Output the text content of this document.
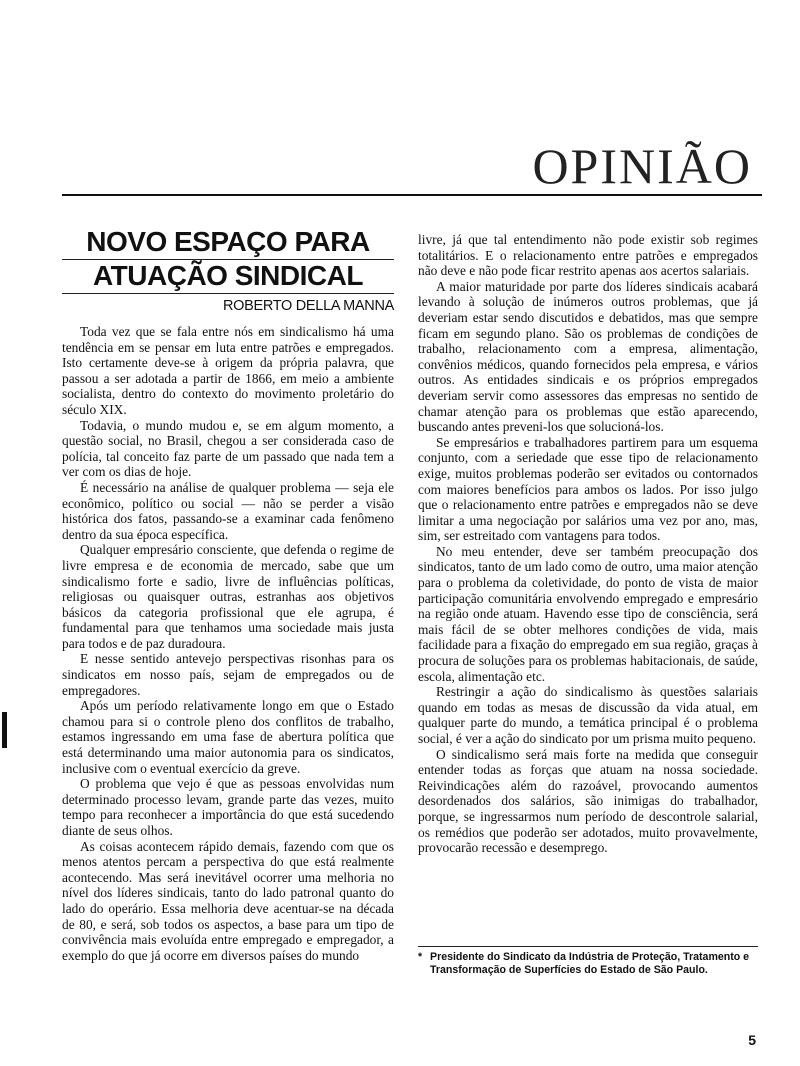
OPINIÃO
NOVO ESPAÇO PARA
ATUAÇÃO SINDICAL
ROBERTO DELLA MANNA

Toda vez que se fala entre nós em sindicalismo há uma tendência em se pensar em luta entre patrões e empregados. Isto certamente deve-se à origem da própria palavra, que passou a ser adotada a partir de 1866, em meio a ambiente socialista, dentro do contexto do movimento proletário do século XIX.

Todavia, o mundo mudou e, se em algum momento, a questão social, no Brasil, chegou a ser considerada caso de polícia, tal conceito faz parte de um passado que nada tem a ver com os dias de hoje.

É necessário na análise de qualquer problema — seja ele econômico, político ou social — não se perder a visão histórica dos fatos, passando-se a examinar cada fenômeno dentro da sua época específica.

Qualquer empresário consciente, que defenda o regime de livre empresa e de economia de mercado, sabe que um sindicalismo forte e sadio, livre de influências políticas, religiosas ou quaisquer outras, estranhas aos objetivos básicos da categoria profissional que ele agrupa, é fundamental para que tenhamos uma sociedade mais justa para todos e de paz duradoura.

E nesse sentido antevejo perspectivas risonhas para os sindicatos em nosso país, sejam de empregados ou de empregadores.

Após um período relativamente longo em que o Estado chamou para si o controle pleno dos conflitos de trabalho, estamos ingressando em uma fase de abertura política que está determinando uma maior autonomia para os sindicatos, inclusive com o eventual exercício da greve.

O problema que vejo é que as pessoas envolvidas num determinado processo levam, grande parte das vezes, muito tempo para reconhecer a importância do que está sucedendo diante de seus olhos.

As coisas acontecem rápido demais, fazendo com que os menos atentos percam a perspectiva do que está realmente acontecendo. Mas será inevitável ocorrer uma melhoria no nível dos líderes sindicais, tanto do lado patronal quanto do lado do operário. Essa melhoria deve acentuar-se na década de 80, e será, sob todos os aspectos, a base para um tipo de convivência mais evoluída entre empregado e empregador, a exemplo do que já ocorre em diversos países do mundo

livre, já que tal entendimento não pode existir sob regimes totalitários. E o relacionamento entre patrões e empregados não deve e não pode ficar restrito apenas aos acertos salariais.

A maior maturidade por parte dos líderes sindicais acabará levando à solução de inúmeros outros problemas, que já deveriam estar sendo discutidos e debatidos, mas que sempre ficam em segundo plano. São os problemas de condições de trabalho, relacionamento com a empresa, alimentação, convênios médicos, quando fornecidos pela empresa, e vários outros. As entidades sindicais e os próprios empregados deveriam servir como assessores das empresas no sentido de chamar atenção para os problemas que estão aparecendo, buscando antes preveni-los que solucioná-los.

Se empresários e trabalhadores partirem para um esquema conjunto, com a seriedade que esse tipo de relacionamento exige, muitos problemas poderão ser evitados ou contornados com maiores benefícios para ambos os lados. Por isso julgo que o relacionamento entre patrões e empregados não se deve limitar a uma negociação por salários uma vez por ano, mas, sim, ser estreitado com vantagens para todos.

No meu entender, deve ser também preocupação dos sindicatos, tanto de um lado como de outro, uma maior atenção para o problema da coletividade, do ponto de vista de maior participação comunitária envolvendo empregado e empresário na região onde atuam. Havendo esse tipo de consciência, será mais fácil de se obter melhores condições de vida, mais facilidade para a fixação do empregado em sua região, graças à procura de soluções para os problemas habitacionais, de saúde, escola, alimentação etc.

Restringir a ação do sindicalismo às questões salariais quando em todas as mesas de discussão da vida atual, em qualquer parte do mundo, a temática principal é o problema social, é ver a ação do sindicato por um prisma muito pequeno.

O sindicalismo será mais forte na medida que conseguir entender todas as forças que atuam na nossa sociedade. Reivindicações além do razoável, provocando aumentos desordenados dos salários, são inimigas do trabalhador, porque, se ingressarmos num período de descontrole salarial, os remédios que poderão ser adotados, muito provavelmente, provocarão recessão e desemprego.

* Presidente do Sindicato da Indústria de Proteção, Tratamento e Transformação de Superfícies do Estado de São Paulo.
5
